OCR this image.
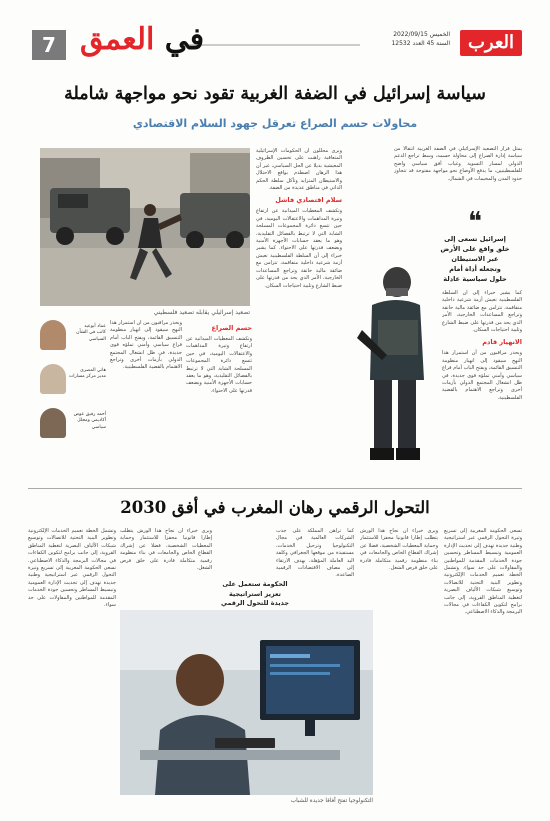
العرب
الخميس 2022/09/15
السنة 45 العدد 12532
في العمق
7
سياسة إسرائيل في الضفة الغربية تقود نحو مواجهة شاملة
محاولات حسم الصراع تعرقل جهود السلام الاقتصادي
يمثل قرار التصعيد الإسرائيلي في الضفة الغربية انتقالا من سياسة إدارة الصراع إلى محاولة حسمه، وسط تراجع الدعم الدولي لمسار التسوية وغياب أفق سياسي واضح للفلسطينيين، ما يدفع الأوضاع نحو مواجهة مفتوحة قد تتجاوز حدود المدن والمخيمات في الشمال.
❝
إسرائيل تسعى إلى خلق واقع على الأرض عبر الاستيطان وتجعله أداة أمام حلول سياسية عادلة
كما يشير خبراء إلى أن السلطة الفلسطينية تعيش أزمة شرعية داخلية متفاقمة، تتزامن مع ضائقة مالية خانقة وتراجع المساعدات الخارجية، الأمر الذي يحد من قدرتها على ضبط الشارع وتلبية احتياجات السكان.
الانهيار قادم
ويحذر مراقبون من أن استمرار هذا النهج سيقود إلى انهيار منظومة التنسيق القائمة، ويفتح الباب أمام فراغ سياسي وأمني تملؤه قوى جديدة، في ظل انشغال المجتمع الدولي بأزمات أخرى وتراجع الاهتمام بالقضية الفلسطينية.
ويرى محللون أن الحكومات الإسرائيلية المتعاقبة راهنت على تحسين الظروف المعيشية بديلا عن الحل السياسي، غير أن هذا الرهان اصطدم بواقع الاحتلال والاستيطان المتزايد وتآكل سلطة الحكم الذاتي في مناطق عديدة من الضفة.
سلام اقتصادي فاشل
وتكشف المعطيات الميدانية عن ارتفاع وتيرة المداهمات والاعتقالات اليومية، في حين تتسع دائرة المجموعات المسلحة الشابة التي لا ترتبط بالفصائل التقليدية، وهو ما يعقد حسابات الأجهزة الأمنية ويضعف قدرتها على الاحتواء. كما يشير خبراء إلى أن السلطة الفلسطينية تعيش أزمة شرعية داخلية متفاقمة، تتزامن مع ضائقة مالية خانقة وتراجع المساعدات الخارجية، الأمر الذي يحد من قدرتها على ضبط الشارع وتلبية احتياجات السكان.
تصعيد إسرائيلي يقابله تصعيد فلسطيني
عماد أبوعيد
كاتب في الشأن السياسي
هاني المصري
مدير مركز مسارات
أحمد رفيق عوض
أكاديمي ومحلل سياسي
ويحذر مراقبون من أن استمرار هذا النهج سيقود إلى انهيار منظومة التنسيق القائمة، ويفتح الباب أمام فراغ سياسي وأمني تملؤه قوى جديدة، في ظل انشغال المجتمع الدولي بأزمات أخرى وتراجع الاهتمام بالقضية الفلسطينية.
حسم الصراع
وتكشف المعطيات الميدانية عن ارتفاع وتيرة المداهمات والاعتقالات اليومية، في حين تتسع دائرة المجموعات المسلحة الشابة التي لا ترتبط بالفصائل التقليدية، وهو ما يعقد حسابات الأجهزة الأمنية ويضعف قدرتها على الاحتواء.
التحول الرقمي رهان المغرب في أفق 2030
تسعى الحكومة المغربية إلى تسريع وتيرة التحول الرقمي عبر استراتيجية وطنية جديدة تهدف إلى تحديث الإدارة العمومية وتبسيط المساطر وتحسين جودة الخدمات المقدمة للمواطنين والمقاولات على حد سواء. وتشمل الخطة تعميم الخدمات الإلكترونية وتطوير البنية التحتية للاتصالات وتوسيع شبكات الألياف البصرية لتغطية المناطق القروية، إلى جانب برامج لتكوين الكفاءات في مجالات البرمجة والذكاء الاصطناعي.
ويرى خبراء أن نجاح هذا الورش يتطلب إطارا قانونيا محفزا للاستثمار وحماية المعطيات الشخصية، فضلا عن إشراك القطاع الخاص والجامعات في بناء منظومة رقمية متكاملة قادرة على خلق فرص الشغل.
كما تراهن المملكة على جذب الشركات العالمية في مجال التكنولوجيا وترحيل الخدمات، مستفيدة من موقعها الجغرافي وكلفة اليد العاملة المؤهلة، بهدف الارتقاء إلى مصاف الاقتصادات الرقمية الصاعدة.
وتشمل الخطة تعميم الخدمات الإلكترونية وتطوير البنية التحتية للاتصالات وتوسيع شبكات الألياف البصرية لتغطية المناطق القروية، إلى جانب برامج لتكوين الكفاءات في مجالات البرمجة والذكاء الاصطناعي. تسعى الحكومة المغربية إلى تسريع وتيرة التحول الرقمي عبر استراتيجية وطنية جديدة تهدف إلى تحديث الإدارة العمومية وتبسيط المساطر وتحسين جودة الخدمات المقدمة للمواطنين والمقاولات على حد سواء.
ويرى خبراء أن نجاح هذا الورش يتطلب إطارا قانونيا محفزا للاستثمار وحماية المعطيات الشخصية، فضلا عن إشراك القطاع الخاص والجامعات في بناء منظومة رقمية متكاملة قادرة على خلق فرص الشغل.
الحكومة ستعمل على تعزيز استراتيجية جديدة للتحول الرقمي
التكنولوجيا تفتح آفاقا جديدة للشباب
